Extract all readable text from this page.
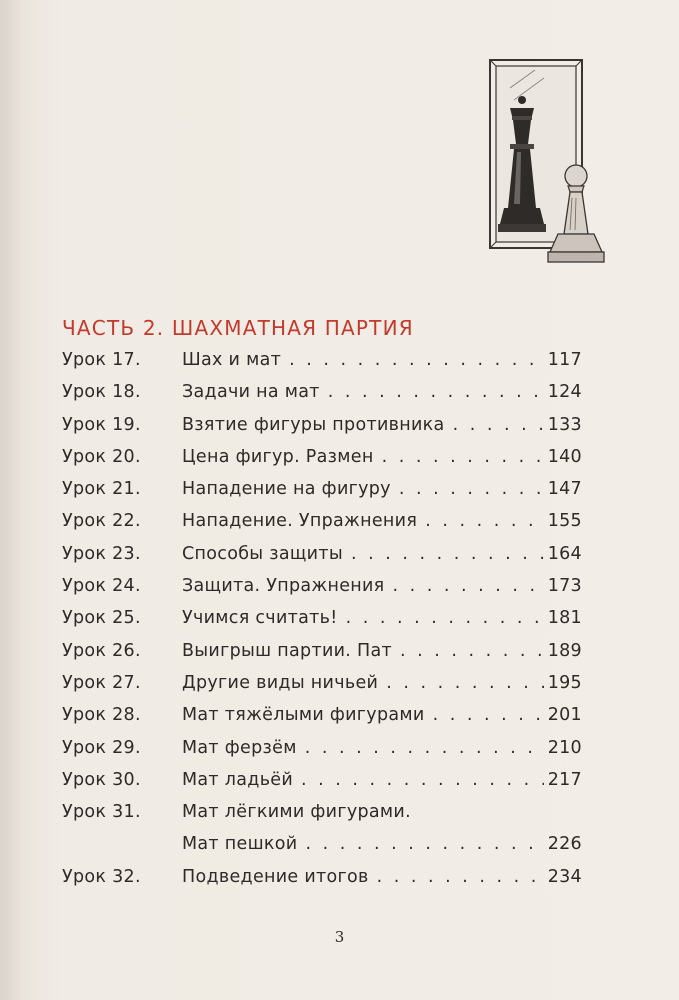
ЧАСТЬ 2. ШАХМАТНАЯ ПАРТИЯ
Урок 17. Шах и мат . . .	117
Урок 18. Задачи на мат . . .	124
Урок 19. Взятие фигуры противника . . .	133
Урок 20. Цена фигур. Размен . . .	140
Урок 21. Нападение на фигуру . . .	147
Урок 22. Нападение. Упражнения . . .	155
Урок 23. Способы защиты . . .	164
Урок 24. Защита. Упражнения . . .	173
Урок 25. Учимся считать! . . .	181
Урок 26. Выигрыш партии. Пат . . .	189
Урок 27. Другие виды ничьей . . .	195
Урок 28. Мат тяжёлыми фигурами . . .	201
Урок 29. Мат ферзём . . .	210
Урок 30. Мат ладьёй . . .	217
Урок 31. Мат лёгкими фигурами.
Мат пешкой . . .	226
Урок 32. Подведение итогов . . .	234
3
